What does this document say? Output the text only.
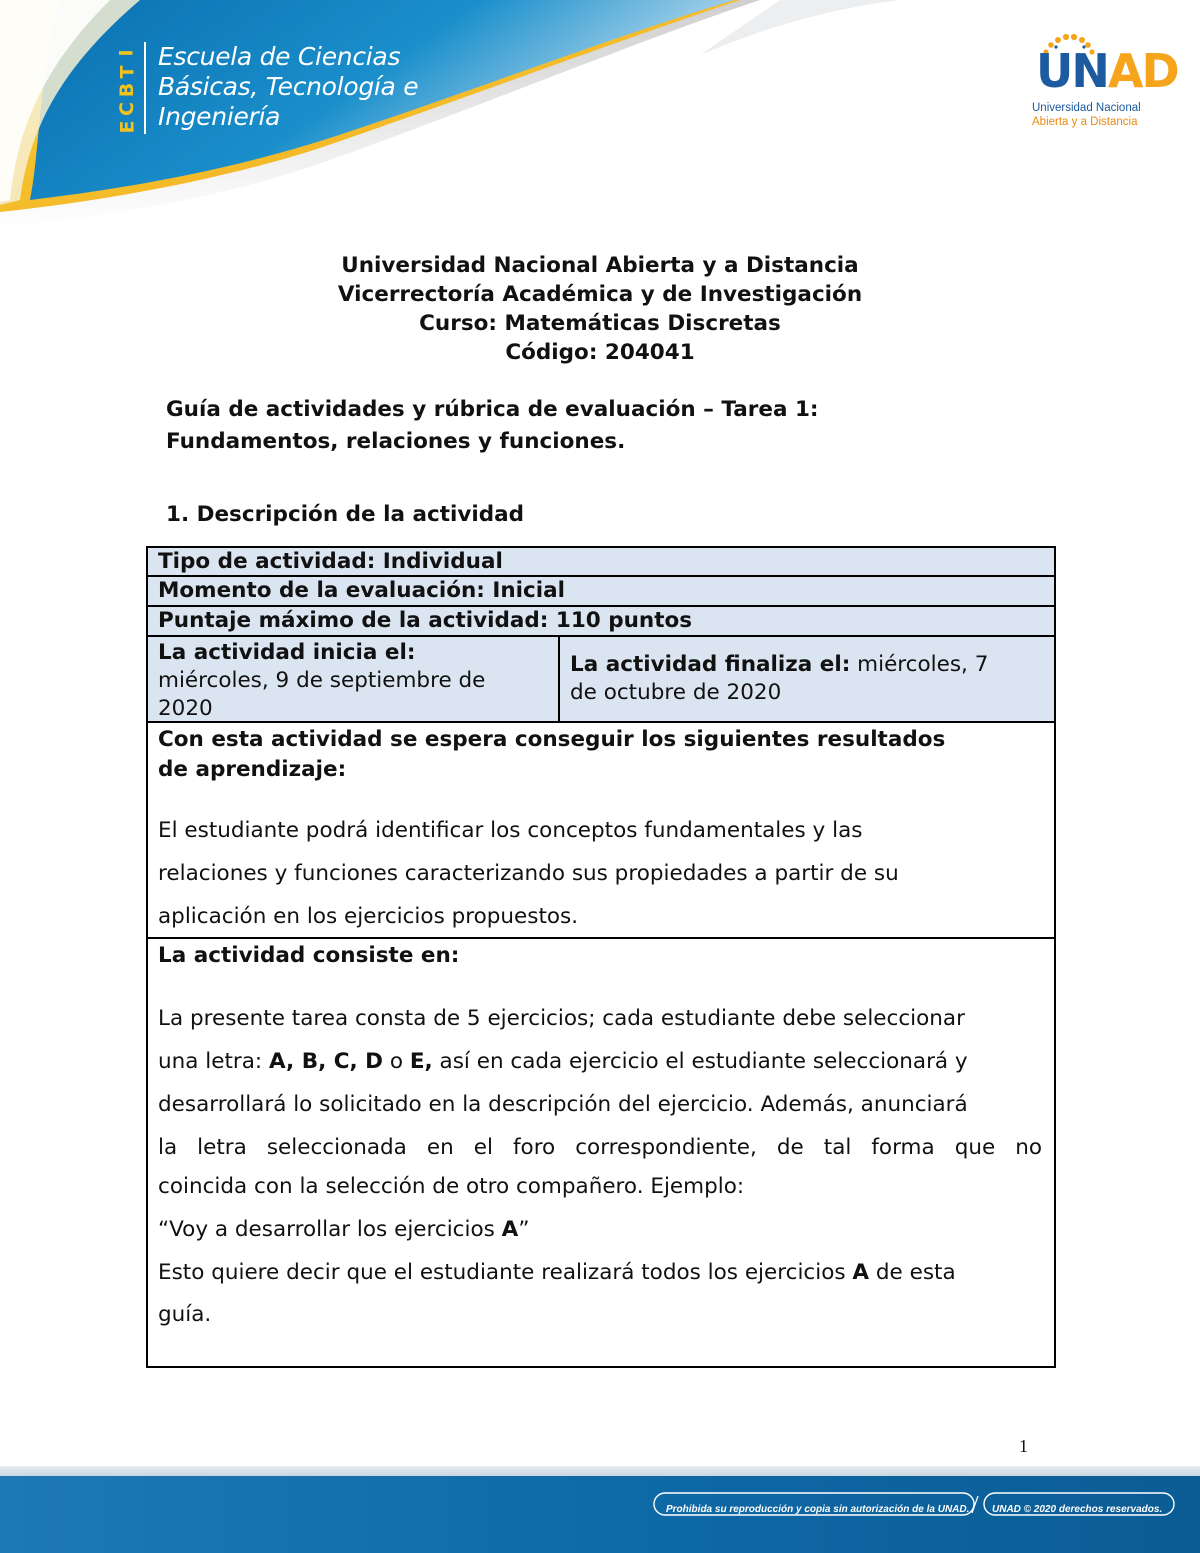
I
T
B
C
E
Escuela de Ciencias
Básicas, Tecnología e
Ingeniería
UNAD
Universidad Nacional
Abierta y a Distancia
Universidad Nacional Abierta y a Distancia
Vicerrectoría Académica y de Investigación
Curso: Matemáticas Discretas
Código: 204041
Guía de actividades y rúbrica de evaluación – Tarea 1:
Fundamentos, relaciones y funciones.
1. Descripción de la actividad
Tipo de actividad: Individual
Momento de la evaluación: Inicial
Puntaje máximo de la actividad: 110 puntos
La actividad inicia el:
miércoles, 9 de septiembre de
2020
La actividad finaliza el: miércoles, 7
de octubre de 2020
Con esta actividad se espera conseguir los siguientes resultados
de aprendizaje:
El estudiante podrá identificar los conceptos fundamentales y las
relaciones y funciones caracterizando sus propiedades a partir de su
aplicación en los ejercicios propuestos.
La actividad consiste en:
La presente tarea consta de 5 ejercicios; cada estudiante debe seleccionar
una letra: A, B, C, D o E, así en cada ejercicio el estudiante seleccionará y
desarrollará lo solicitado en la descripción del ejercicio. Además, anunciará
la letra seleccionada en el foro correspondiente, de tal forma que no
coincida con la selección de otro compañero. Ejemplo:
“Voy a desarrollar los ejercicios A”
Esto quiere decir que el estudiante realizará todos los ejercicios A de esta
guía.
1
Prohibida su reproducción y copia sin autorización de la UNAD. UNAD © 2020 derechos reservados.
